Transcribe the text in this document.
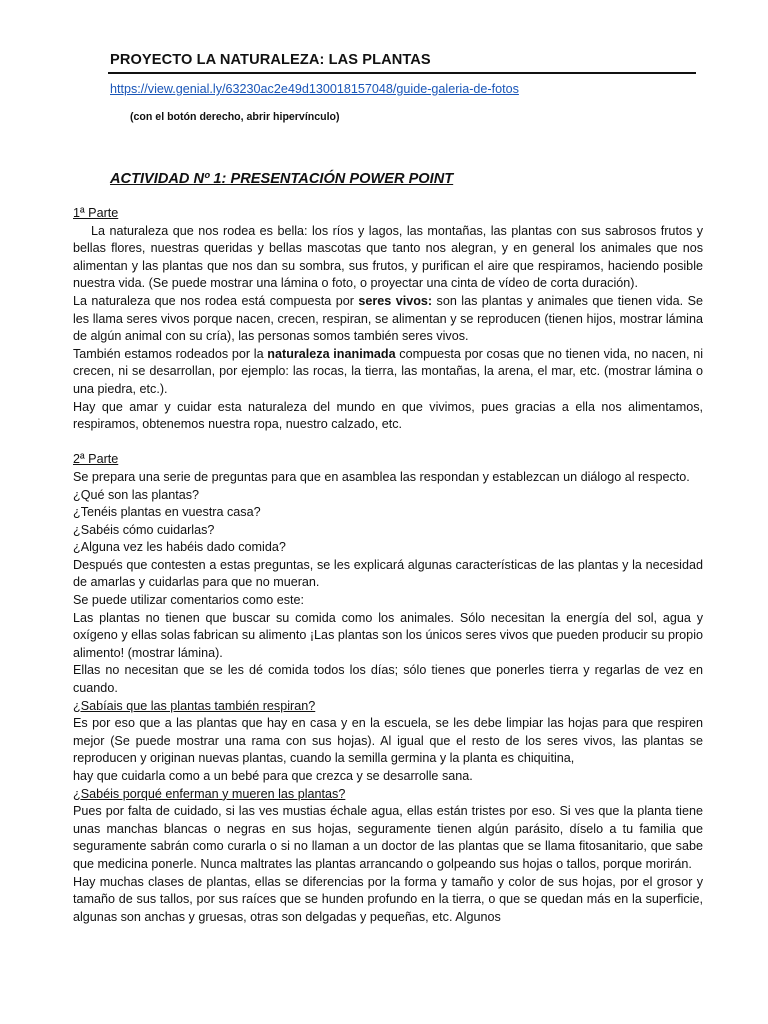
PROYECTO LA NATURALEZA: LAS PLANTAS
https://view.genial.ly/63230ac2e49d130018157048/guide-galeria-de-fotos
(con el botón derecho, abrir hipervínculo)
ACTIVIDAD Nº 1: PRESENTACIÓN POWER POINT

1ª Parte

La naturaleza que nos rodea es bella: los ríos y lagos, las montañas, las plantas con sus sabrosos frutos y bellas flores, nuestras queridas y bellas mascotas que tanto nos alegran, y en general los animales que nos alimentan y las plantas que nos dan su sombra, sus frutos, y purifican el aire que respiramos, haciendo posible nuestra vida. (Se puede mostrar una lámina o foto, o proyectar una cinta de vídeo de corta duración).

La naturaleza que nos rodea está compuesta por seres vivos: son las plantas y animales que tienen vida. Se les llama seres vivos porque nacen, crecen, respiran, se alimentan y se reproducen (tienen hijos, mostrar lámina de algún animal con su cría), las personas somos también seres vivos.

También estamos rodeados por la naturaleza inanimada compuesta por cosas que no tienen vida, no nacen, ni crecen, ni se desarrollan, por ejemplo: las rocas, la tierra, las montañas, la arena, el mar, etc. (mostrar lámina o una piedra, etc.).

Hay que amar y cuidar esta naturaleza del mundo en que vivimos, pues gracias a ella nos alimentamos, respiramos, obtenemos nuestra ropa, nuestro calzado, etc.

2ª Parte

Se prepara una serie de preguntas para que en asamblea las respondan y establezcan un diálogo al respecto.

¿Qué son las plantas?

¿Tenéis plantas en vuestra casa?

¿Sabéis cómo cuidarlas?

¿Alguna vez les habéis dado comida?

Después que contesten a estas preguntas, se les explicará algunas características de las plantas y la necesidad de amarlas y cuidarlas para que no mueran.

Se puede utilizar comentarios como este:

Las plantas no tienen que buscar su comida como los animales. Sólo necesitan la energía del sol, agua y oxígeno y ellas solas fabrican su alimento ¡Las plantas son los únicos seres vivos que pueden producir su propio alimento! (mostrar lámina).

Ellas no necesitan que se les dé comida todos los días; sólo tienes que ponerles tierra y regarlas de vez en cuando.

¿Sabíais que las plantas también respiran?

Es por eso que a las plantas que hay en casa y en la escuela, se les debe limpiar las hojas para que respiren mejor (Se puede mostrar una rama con sus hojas). Al igual que el resto de los seres vivos, las plantas se reproducen y originan nuevas plantas, cuando la semilla germina y la planta es chiquitina,

hay que cuidarla como a un bebé para que crezca y se desarrolle sana.

¿Sabéis porqué enferman y mueren las plantas?

Pues por falta de cuidado, si las ves mustias échale agua, ellas están tristes por eso. Si ves que la planta tiene unas manchas blancas o negras en sus hojas, seguramente tienen algún parásito, díselo a tu familia que seguramente sabrán como curarla o si no llaman a un doctor de las plantas que se llama fitosanitario, que sabe que medicina ponerle. Nunca maltrates las plantas arrancando o golpeando sus hojas o tallos, porque morirán.

Hay muchas clases de plantas, ellas se diferencias por la forma y tamaño y color de sus hojas, por el grosor y tamaño de sus tallos, por sus raíces que se hunden profundo en la tierra, o que se quedan más en la superficie, algunas son anchas y gruesas, otras son delgadas y pequeñas, etc. Algunos
